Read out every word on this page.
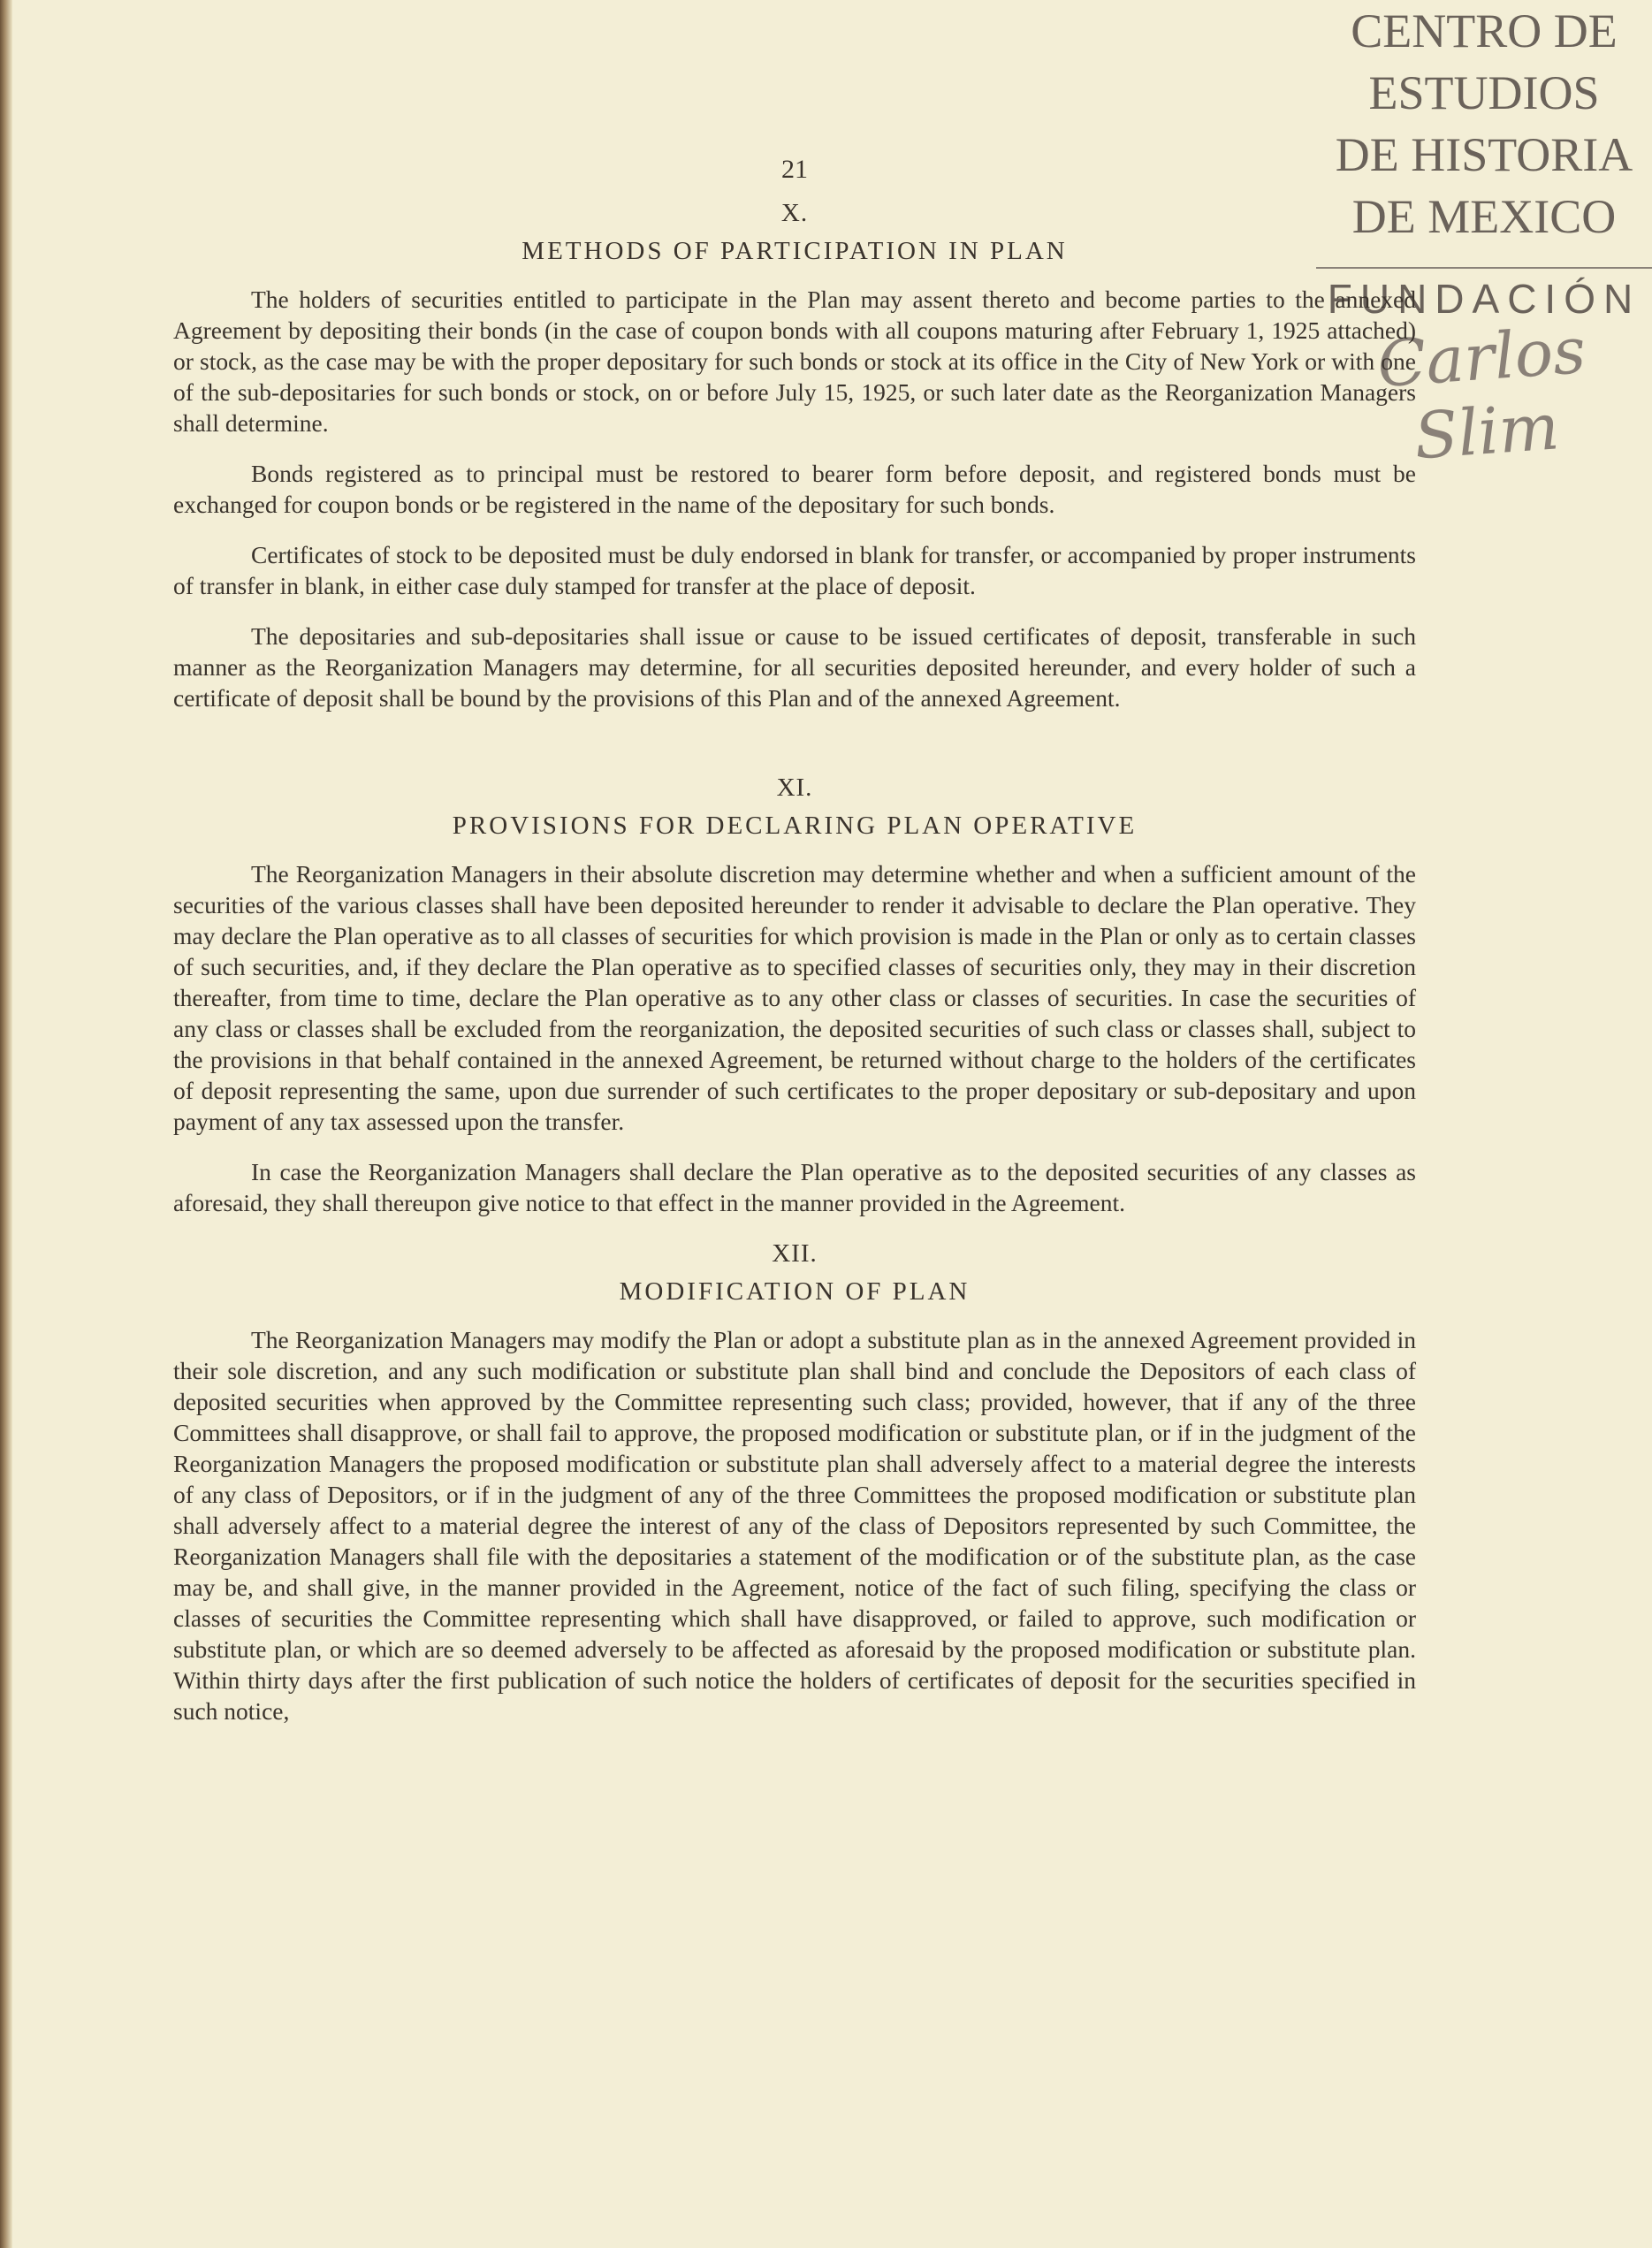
CENTRO DE
ESTUDIOS
DE HISTORIA
DE MEXICO
FUNDACIÓN
Carlos Slim
21

X.

METHODS OF PARTICIPATION IN PLAN

The holders of securities entitled to participate in the Plan may assent thereto and become parties to the annexed Agreement by depositing their bonds (in the case of coupon bonds with all coupons maturing after February 1, 1925 attached) or stock, as the case may be with the proper depositary for such bonds or stock at its office in the City of New York or with one of the sub-depositaries for such bonds or stock, on or before July 15, 1925, or such later date as the Reorganization Managers shall determine.

Bonds registered as to principal must be restored to bearer form before deposit, and registered bonds must be exchanged for coupon bonds or be registered in the name of the depositary for such bonds.

Certificates of stock to be deposited must be duly endorsed in blank for transfer, or accompanied by proper instruments of transfer in blank, in either case duly stamped for transfer at the place of deposit.

The depositaries and sub-depositaries shall issue or cause to be issued certificates of deposit, transferable in such manner as the Reorganization Managers may determine, for all securities deposited hereunder, and every holder of such a certificate of deposit shall be bound by the provisions of this Plan and of the annexed Agreement.

XI.

PROVISIONS FOR DECLARING PLAN OPERATIVE

The Reorganization Managers in their absolute discretion may determine whether and when a sufficient amount of the securities of the various classes shall have been deposited hereunder to render it advisable to declare the Plan operative. They may declare the Plan operative as to all classes of securities for which provision is made in the Plan or only as to certain classes of such securities, and, if they declare the Plan operative as to specified classes of securities only, they may in their discretion thereafter, from time to time, declare the Plan operative as to any other class or classes of securities. In case the securities of any class or classes shall be excluded from the reorganization, the deposited securities of such class or classes shall, subject to the provisions in that behalf contained in the annexed Agreement, be returned without charge to the holders of the certificates of deposit representing the same, upon due surrender of such certificates to the proper depositary or sub-depositary and upon payment of any tax assessed upon the transfer.

In case the Reorganization Managers shall declare the Plan operative as to the deposited securities of any classes as aforesaid, they shall thereupon give notice to that effect in the manner provided in the Agreement.

XII.

MODIFICATION OF PLAN

The Reorganization Managers may modify the Plan or adopt a substitute plan as in the annexed Agreement provided in their sole discretion, and any such modification or substitute plan shall bind and conclude the Depositors of each class of deposited securities when approved by the Committee representing such class; provided, however, that if any of the three Committees shall disapprove, or shall fail to approve, the proposed modification or substitute plan, or if in the judgment of the Reorganization Managers the proposed modification or substitute plan shall adversely affect to a material degree the interests of any class of Depositors, or if in the judgment of any of the three Committees the proposed modification or substitute plan shall adversely affect to a material degree the interest of any of the class of Depositors represented by such Committee, the Reorganization Managers shall file with the depositaries a statement of the modification or of the substitute plan, as the case may be, and shall give, in the manner provided in the Agreement, notice of the fact of such filing, specifying the class or classes of securities the Committee representing which shall have disapproved, or failed to approve, such modification or substitute plan, or which are so deemed adversely to be affected as aforesaid by the proposed modification or substitute plan. Within thirty days after the first publication of such notice the holders of certificates of deposit for the securities specified in such notice,
